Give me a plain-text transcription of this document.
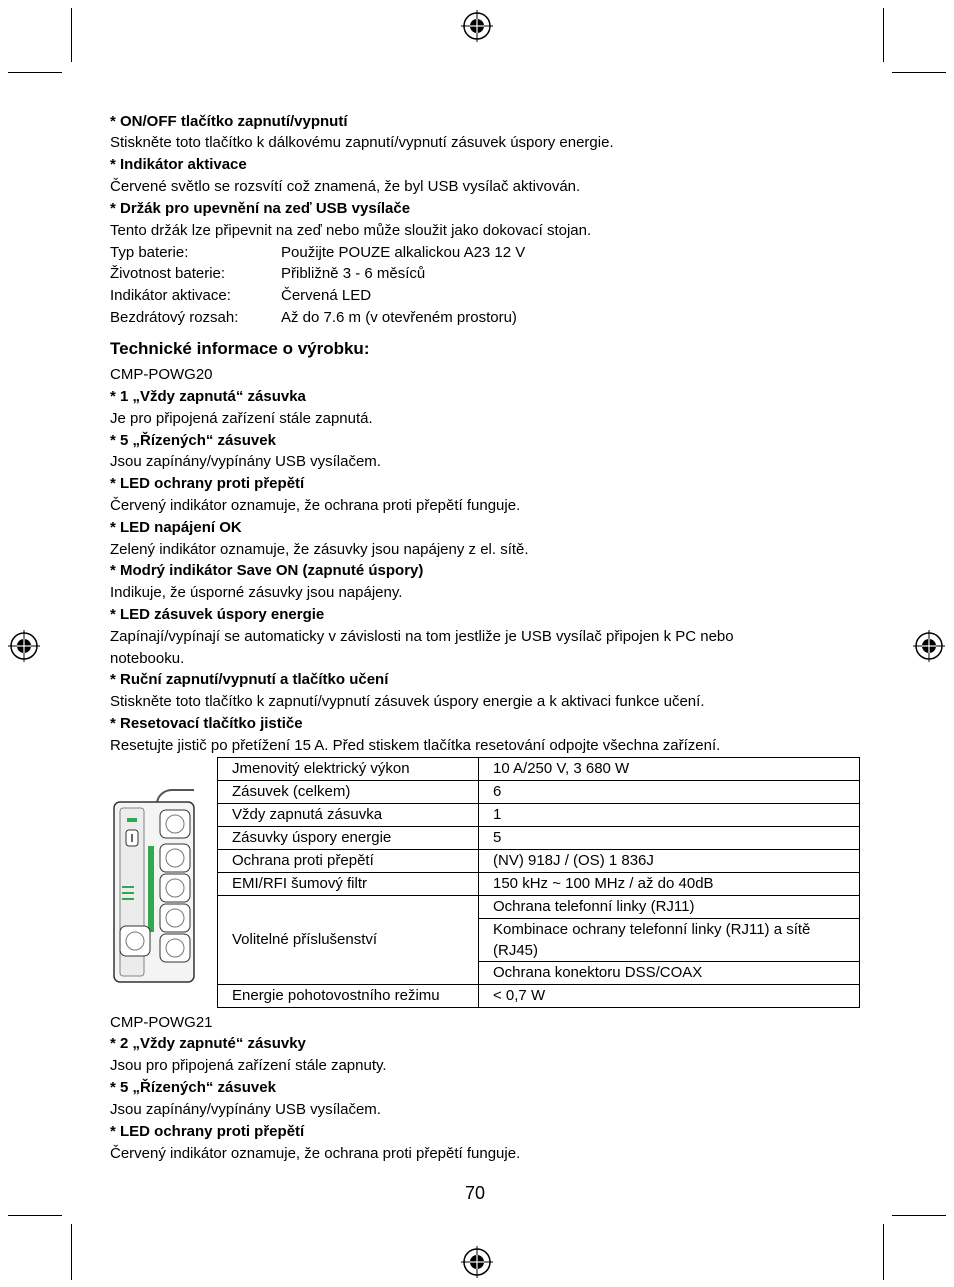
* ON/OFF tlačítko zapnutí/vypnutí
Stiskněte toto tlačítko k dálkovému zapnutí/vypnutí zásuvek úspory energie.
* Indikátor aktivace
Červené světlo se rozsvítí což znamená, že byl USB vysílač aktivován.
* Držák pro upevnění na zeď USB vysílače
Tento držák lze připevnit na zeď nebo může sloužit jako dokovací stojan.
Typ baterie:	Použijte POUZE alkalickou A23 12 V
Životnost baterie:	Přibližně 3 - 6 měsíců
Indikátor aktivace:	Červená LED
Bezdrátový rozsah:	Až do 7.6 m (v otevřeném prostoru)
Technické informace o výrobku:
CMP-POWG20
* 1 „Vždy zapnutá“ zásuvka
Je pro připojená zařízení stále zapnutá.
* 5 „Řízených“ zásuvek
Jsou zapínány/vypínány USB vysílačem.
* LED ochrany proti přepětí
Červený indikátor oznamuje, že ochrana proti přepětí funguje.
* LED napájení OK
Zelený indikátor oznamuje, že zásuvky jsou napájeny z el. sítě.
* Modrý indikátor Save ON (zapnuté úspory)
Indikuje, že úsporné zásuvky jsou napájeny.
* LED zásuvek úspory energie
Zapínají/vypínají se automaticky v závislosti na tom jestliže je USB vysílač připojen k PC nebo
notebooku.
* Ruční zapnutí/vypnutí a tlačítko učení
Stiskněte toto tlačítko k zapnutí/vypnutí zásuvek úspory energie a k aktivaci funkce učení.
* Resetovací tlačítko jističe
Resetujte jistič po přetížení 15 A. Před stiskem tlačítka resetování odpojte všechna zařízení.
Jmenovitý elektrický výkon	10 A/250 V, 3 680 W
Zásuvek (celkem)	6
Vždy zapnutá zásuvka	1
Zásuvky úspory energie	5
Ochrana proti přepětí	(NV) 918J / (OS) 1 836J
EMI/RFI šumový filtr	150 kHz ~ 100 MHz / až do 40dB
Volitelné příslušenství	Ochrana telefonní linky (RJ11)
	Kombinace ochrany telefonní linky (RJ11) a sítě (RJ45)
	Ochrana konektoru DSS/COAX
Energie pohotovostního režimu	< 0,7 W
CMP-POWG21
* 2 „Vždy zapnuté“ zásuvky
Jsou pro připojená zařízení stále zapnuty.
* 5 „Řízených“ zásuvek
Jsou zapínány/vypínány USB vysílačem.
* LED ochrany proti přepětí
Červený indikátor oznamuje, že ochrana proti přepětí funguje.
70
